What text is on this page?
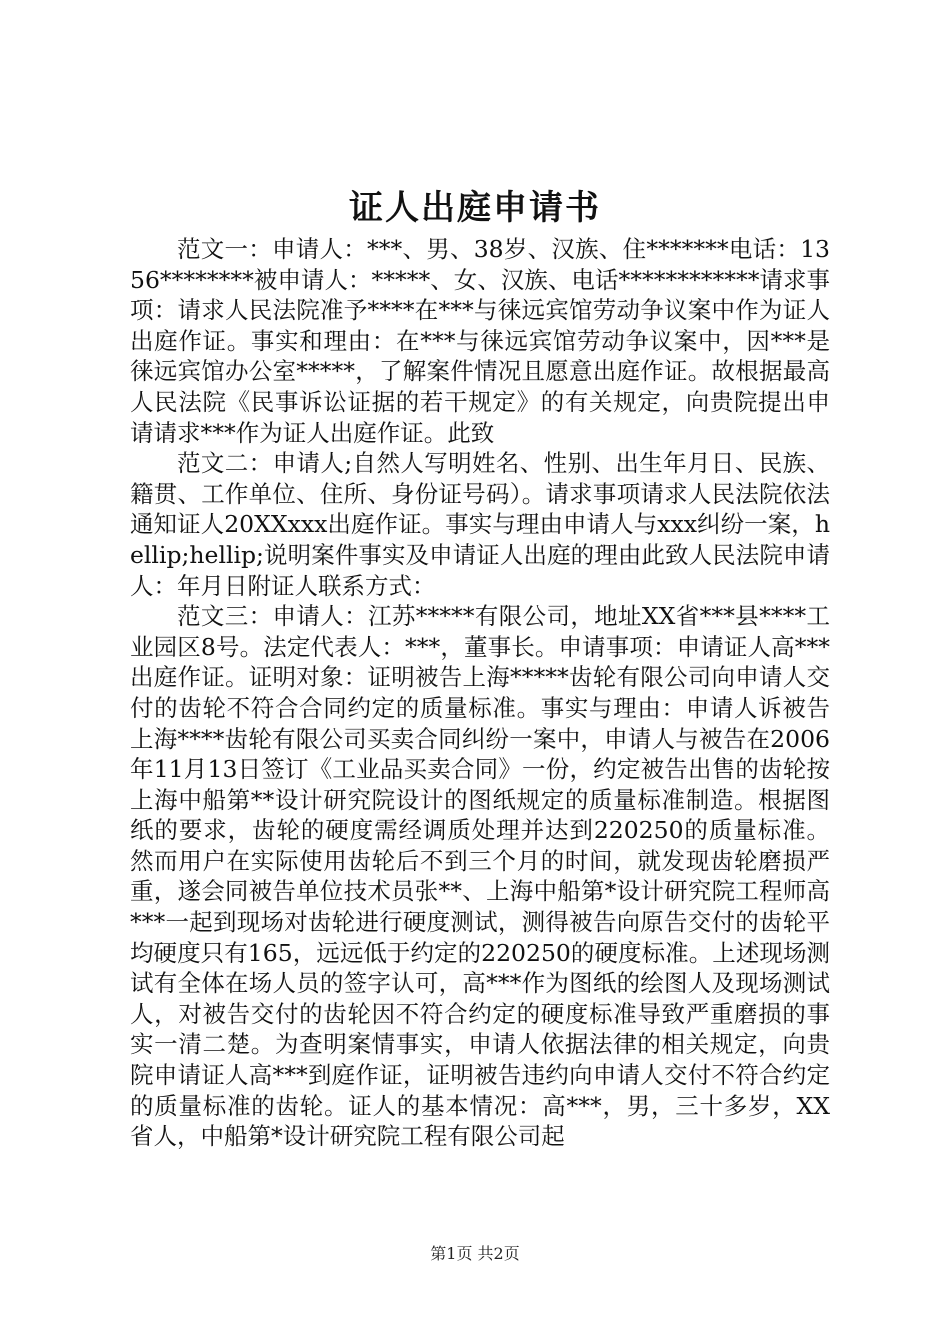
证人出庭申请书

范文一：申请人：***、男、38岁、汉族、住*******电话：1356********被申请人：*****、女、汉族、电话************请求事项：请求人民法院准予****在***与徕远宾馆劳动争议案中作为证人出庭作证。事实和理由：在***与徕远宾馆劳动争议案中，因***是徕远宾馆办公室*****，了解案件情况且愿意出庭作证。故根据最高人民法院《民事诉讼证据的若干规定》的有关规定，向贵院提出申请请求***作为证人出庭作证。此致

范文二：申请人;自然人写明姓名、性别、出生年月日、民族、籍贯、工作单位、住所、身份证号码）。请求事项请求人民法院依法通知证人20XXxxx出庭作证。事实与理由申请人与xxx纠纷一案，hellip;hellip;说明案件事实及申请证人出庭的理由此致人民法院申请人：年月日附证人联系方式：

范文三：申请人：江苏*****有限公司，地址XX省***县****工业园区8号。法定代表人：***，董事长。申请事项：申请证人高***出庭作证。证明对象：证明被告上海*****齿轮有限公司向申请人交付的齿轮不符合合同约定的质量标准。事实与理由：申请人诉被告上海****齿轮有限公司买卖合同纠纷一案中，申请人与被告在2006年11月13日签订《工业品买卖合同》一份，约定被告出售的齿轮按上海中船第**设计研究院设计的图纸规定的质量标准制造。根据图纸的要求，齿轮的硬度需经调质处理并达到220250的质量标准。然而用户在实际使用齿轮后不到三个月的时间，就发现齿轮磨损严重，遂会同被告单位技术员张**、上海中船第*设计研究院工程师高***一起到现场对齿轮进行硬度测试，测得被告向原告交付的齿轮平均硬度只有165，远远低于约定的220250的硬度标准。上述现场测试有全体在场人员的签字认可，高***作为图纸的绘图人及现场测试人，对被告交付的齿轮因不符合约定的硬度标准导致严重磨损的事实一清二楚。为查明案情事实，申请人依据法律的相关规定，向贵院申请证人高***到庭作证，证明被告违约向申请人交付不符合约定的质量标准的齿轮。证人的基本情况：高***，男，三十多岁，XX省人，中船第*设计研究院工程有限公司起

第1页 共2页
